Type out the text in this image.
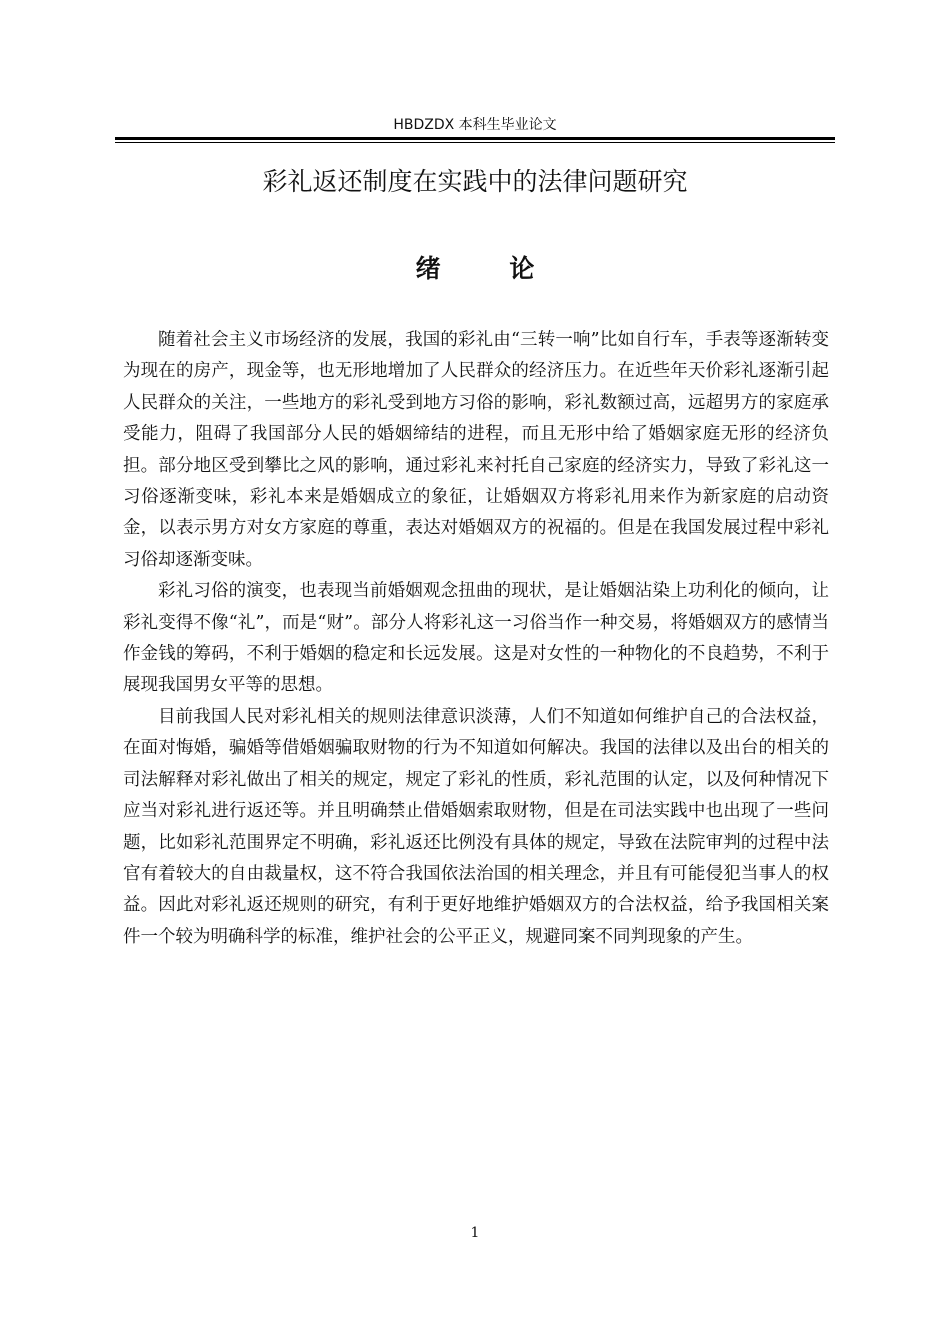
HBDZDX 本科生毕业论文
彩礼返还制度在实践中的法律问题研究
绪 论

随着社会主义市场经济的发展，我国的彩礼由“三转一响”比如自行车，手表等逐渐转变为现在的房产，现金等，也无形地增加了人民群众的经济压力。在近些年天价彩礼逐渐引起人民群众的关注，一些地方的彩礼受到地方习俗的影响，彩礼数额过高，远超男方的家庭承受能力，阻碍了我国部分人民的婚姻缔结的进程，而且无形中给了婚姻家庭无形的经济负担。部分地区受到攀比之风的影响，通过彩礼来衬托自己家庭的经济实力，导致了彩礼这一习俗逐渐变味，彩礼本来是婚姻成立的象征，让婚姻双方将彩礼用来作为新家庭的启动资金，以表示男方对女方家庭的尊重，表达对婚姻双方的祝福的。但是在我国发展过程中彩礼习俗却逐渐变味。

彩礼习俗的演变，也表现当前婚姻观念扭曲的现状，是让婚姻沾染上功利化的倾向，让彩礼变得不像“礼”，而是“财”。部分人将彩礼这一习俗当作一种交易，将婚姻双方的感情当作金钱的筹码，不利于婚姻的稳定和长远发展。这是对女性的一种物化的不良趋势，不利于展现我国男女平等的思想。

目前我国人民对彩礼相关的规则法律意识淡薄，人们不知道如何维护自己的合法权益，在面对悔婚，骗婚等借婚姻骗取财物的行为不知道如何解决。我国的法律以及出台的相关的司法解释对彩礼做出了相关的规定，规定了彩礼的性质，彩礼范围的认定，以及何种情况下应当对彩礼进行返还等。并且明确禁止借婚姻索取财物，但是在司法实践中也出现了一些问题，比如彩礼范围界定不明确，彩礼返还比例没有具体的规定，导致在法院审判的过程中法官有着较大的自由裁量权，这不符合我国依法治国的相关理念，并且有可能侵犯当事人的权益。因此对彩礼返还规则的研究，有利于更好地维护婚姻双方的合法权益，给予我国相关案件一个较为明确科学的标准，维护社会的公平正义，规避同案不同判现象的产生。

1
